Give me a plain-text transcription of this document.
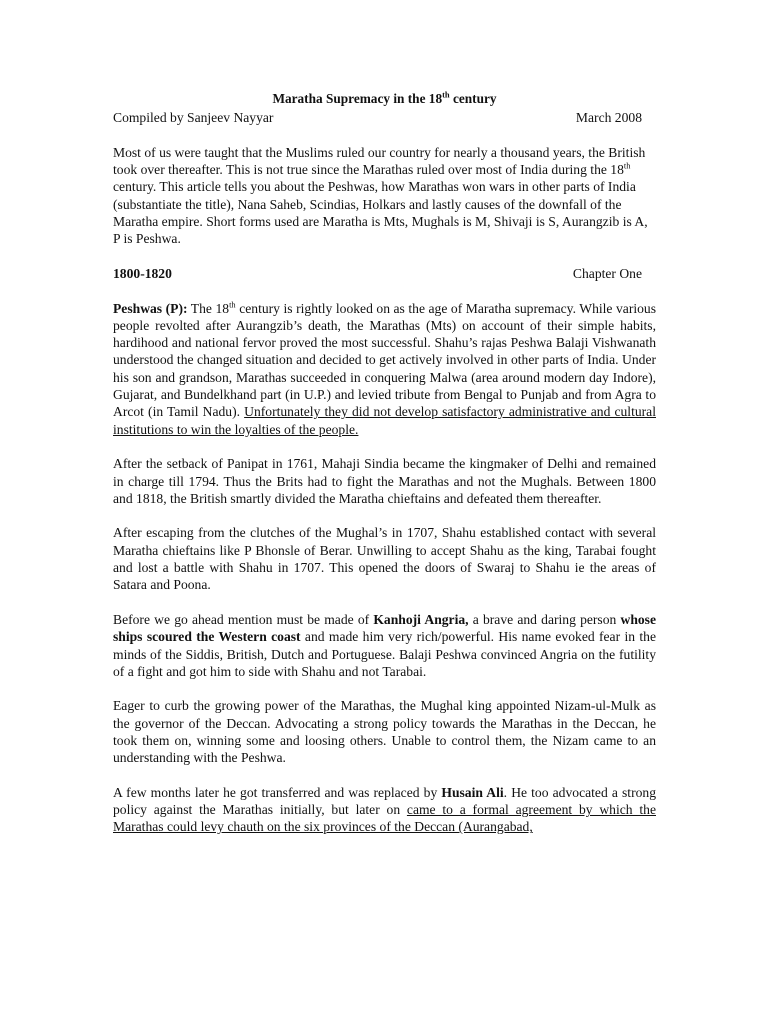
Maratha Supremacy in the 18th century
Compiled by Sanjeev Nayyar	March 2008
Most of us were taught that the Muslims ruled our country for nearly a thousand years, the British took over thereafter. This is not true since the Marathas ruled over most of India during the 18th century. This article tells you about the Peshwas, how Marathas won wars in other parts of India (substantiate the title), Nana Saheb, Scindias, Holkars and lastly causes of the downfall of the Maratha empire. Short forms used are Maratha is Mts, Mughals is M, Shivaji is S, Aurangzib is A, P is Peshwa.
1800-1820	Chapter One
Peshwas (P): The 18th century is rightly looked on as the age of Maratha supremacy. While various people revolted after Aurangzib’s death, the Marathas (Mts) on account of their simple habits, hardihood and national fervor proved the most successful. Shahu’s rajas Peshwa Balaji Vishwanath understood the changed situation and decided to get actively involved in other parts of India. Under his son and grandson, Marathas succeeded in conquering Malwa (area around modern day Indore), Gujarat, and Bundelkhand part (in U.P.) and levied tribute from Bengal to Punjab and from Agra to Arcot (in Tamil Nadu). Unfortunately they did not develop satisfactory administrative and cultural institutions to win the loyalties of the people.
After the setback of Panipat in 1761, Mahaji Sindia became the kingmaker of Delhi and remained in charge till 1794. Thus the Brits had to fight the Marathas and not the Mughals. Between 1800 and 1818, the British smartly divided the Maratha chieftains and defeated them thereafter.
After escaping from the clutches of the Mughal’s in 1707, Shahu established contact with several Maratha chieftains like P Bhonsle of Berar. Unwilling to accept Shahu as the king, Tarabai fought and lost a battle with Shahu in 1707. This opened the doors of Swaraj to Shahu ie the areas of Satara and Poona.
Before we go ahead mention must be made of Kanhoji Angria, a brave and daring person whose ships scoured the Western coast and made him very rich/powerful. His name evoked fear in the minds of the Siddis, British, Dutch and Portuguese. Balaji Peshwa convinced Angria on the futility of a fight and got him to side with Shahu and not Tarabai.
Eager to curb the growing power of the Marathas, the Mughal king appointed Nizam-ul-Mulk as the governor of the Deccan. Advocating a strong policy towards the Marathas in the Deccan, he took them on, winning some and loosing others. Unable to control them, the Nizam came to an understanding with the Peshwa.
A few months later he got transferred and was replaced by Husain Ali. He too advocated a strong policy against the Marathas initially, but later on came to a formal agreement by which the Marathas could levy chauth on the six provinces of the Deccan (Aurangabad,
